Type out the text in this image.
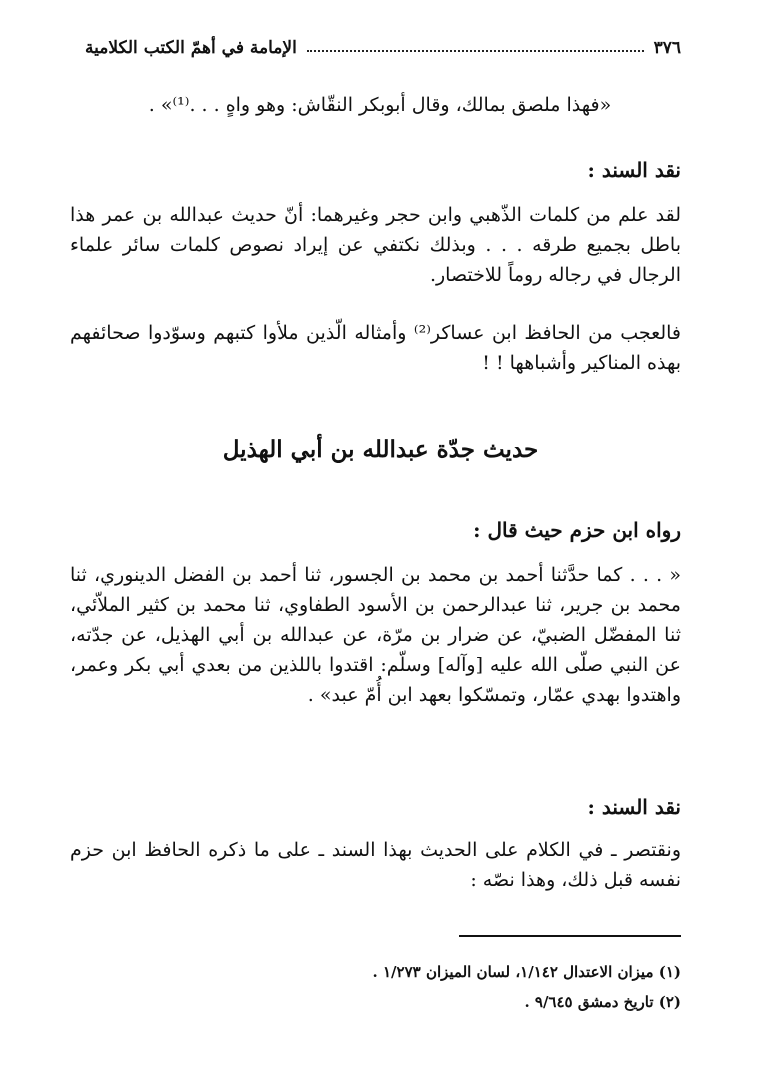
٣٧٦
الإمامة في أهمّ الكتب الكلامية

«فهذا ملصق بمالك، وقال أبوبكر النقّاش: وهو واهٍ . . .⁽¹⁾» .

نقد السند :

لقد علم من كلمات الذّهبي وابن حجر وغيرهما: أنّ حديث عبدالله بن عمر هذا باطل بجميع طرقه . . . وبذلك نكتفي عن إيراد نصوص كلمات سائر علماء الرجال في رجاله روماً للاختصار.

فالعجب من الحافظ ابن عساكر⁽²⁾ وأمثاله الّذين ملأوا كتبهم وسوّدوا صحائفهم بهذه المناكير وأشباهها ! !

حديث جدّة عبدالله بن أبي الهذيل

رواه ابن حزم حيث قال :

« . . . كما حدَّثنا أحمد بن محمد بن الجسور، ثنا أحمد بن الفضل الدينوري، ثنا محمد بن جرير، ثنا عبدالرحمن بن الأسود الطفاوي، ثنا محمد بن كثير الملاّئي، ثنا المفضّل الضبيّ، عن ضرار بن مرّة، عن عبدالله بن أبي الهذيل، عن جدّته، عن النبي صلّى الله عليه [وآله] وسلّم: اقتدوا باللذين من بعدي أبي بكر وعمر، واهتدوا بهدي عمّار، وتمسّكوا بعهد ابن أُمّ عبد» .

نقد السند :

ونقتصر ـ في الكلام على الحديث بهذا السند ـ على ما ذكره الحافظ ابن حزم نفسه قبل ذلك، وهذا نصّه :

(١) ميزان الاعتدال ١/١٤٢، لسان الميزان ١/٢٧٣ .

(٢) تاريخ دمشق ٩/٦٤٥ .
